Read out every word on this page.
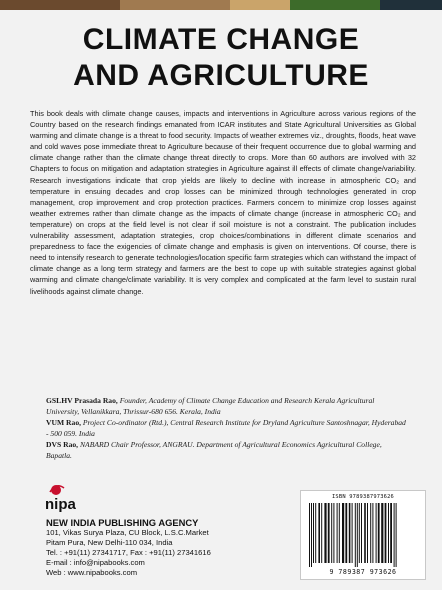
CLIMATE CHANGE
AND AGRICULTURE
This book deals with climate change causes, impacts and interventions in Agriculture across various regions of the Country based on the research findings emanated from ICAR institutes and State Agricultural Universities as Global warming and climate change is a threat to food security. Impacts of weather extremes viz., droughts, floods, heat wave and cold waves pose immediate threat to Agriculture because of their frequent occurrence due to global warming and climate change rather than the climate change threat directly to crops. More than 60 authors are involved with 32 Chapters to focus on mitigation and adaptation strategies in Agriculture against ill effects of climate change/variability. Research investigations indicate that crop yields are likely to decline with increase in atmospheric CO₂ and temperature in ensuing decades and crop losses can be minimized through technologies generated in crop management, crop improvement and crop protection practices. Farmers concern to minimize crop losses against weather extremes rather than climate change as the impacts of climate change (increase in atmospheric CO₂ and temperature) on crops at the field level is not clear if soil moisture is not a constraint. The publication includes vulnerability assessment, adaptation strategies, crop choices/combinations in different climate scenarios and preparedness to face the exigencies of climate change and emphasis is given on interventions. Of course, there is need to intensify research to generate technologies/location specific farm strategies which can withstand the impact of climate change as a long term strategy and farmers are the best to cope up with suitable strategies against global warming and climate change/climate variability. It is very complex and complicated at the farm level to sustain rural livelihoods against climate change.
GSLHV Prasada Rao, Founder, Academy of Climate Change Education and Research Kerala Agricultural University, Vellanikkara, Thrissur-680 656. Kerala, India
VUM Rao, Project Co-ordinator (Rtd.), Central Research Institute for Dryland Agriculture Santoshnagar, Hyderabad - 500 059. India
DVS Rao, NABARD Chair Professor, ANGRAU. Department of Agricultural Economics Agricultural College, Bapatla.
nipa
NEW INDIA PUBLISHING AGENCY
101, Vikas Surya Plaza, CU Block, L.S.C.Market
Pitam Pura, New Delhi-110 034, India
Tel. : +91(11) 27341717, Fax : +91(11) 27341616
E-mail : info@nipabooks.com
Web : www.nipabooks.com
ISBN 9789387973626
9 789387 973626
